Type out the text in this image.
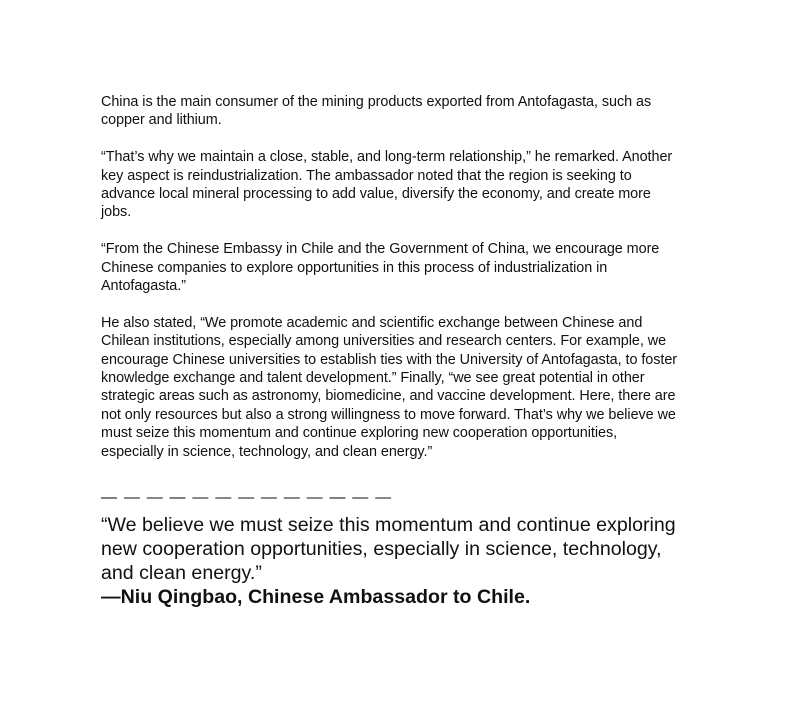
China is the main consumer of the mining products exported from Antofagasta, such as copper and lithium.

“That’s why we maintain a close, stable, and long-term relationship,” he remarked. Another key aspect is reindustrialization. The ambassador noted that the region is seeking to advance local mineral processing to add value, diversify the economy, and create more jobs.

“From the Chinese Embassy in Chile and the Government of China, we encourage more Chinese companies to explore opportunities in this process of industrialization in Antofagasta.”

He also stated, “We promote academic and scientific exchange between Chinese and Chilean institutions, especially among universities and research centers. For example, we encourage Chinese universities to establish ties with the University of Antofagasta, to foster knowledge exchange and talent development.” Finally, “we see great potential in other strategic areas such as astronomy, biomedicine, and vaccine development. Here, there are not only resources but also a strong willingness to move forward. That’s why we believe we must seize this momentum and continue exploring new cooperation opportunities, especially in science, technology, and clean energy.”

— — — — — — — — — — — — —

“We believe we must seize this momentum and continue exploring new cooperation opportunities, especially in science, technology, and clean energy.”

—Niu Qingbao, Chinese Ambassador to Chile.
